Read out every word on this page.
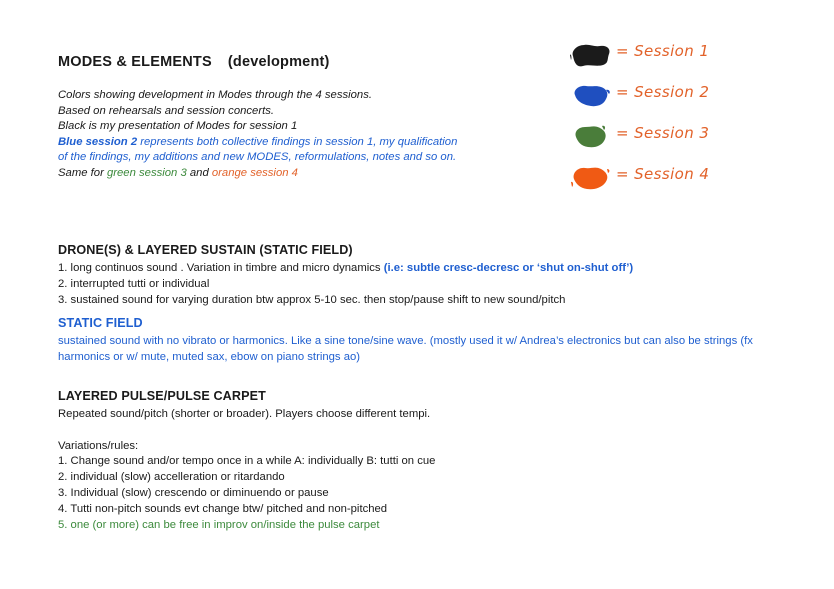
MODES & ELEMENTS (development)
Colors showing development in Modes through the 4 sessions.
Based on rehearsals and session concerts.
Black is my presentation of Modes for session 1
Blue session 2 represents both collective findings in session 1, my qualification
of the findings, my additions and new MODES, reformulations, notes and so on.
Same for green session 3 and orange session 4
= Session 1
= Session 2
= Session 3
= Session 4
DRONE(S) & LAYERED SUSTAIN (STATIC FIELD)
1. long continuos sound . Variation in timbre and micro dynamics (i.e: subtle cresc-decresc or ‘shut on-shut off’)
2. interrupted tutti or individual
3. sustained sound for varying duration btw approx 5-10 sec. then stop/pause shift to new sound/pitch
STATIC FIELD

sustained sound with no vibrato or harmonics. Like a sine tone/sine wave. (mostly used it w/ Andrea’s electronics but can also be strings (fx harmonics or w/ mute, muted sax, ebow on piano strings ao)

LAYERED PULSE/PULSE CARPET
Repeated sound/pitch (shorter or broader). Players choose different tempi.

Variations/rules:
1. Change sound and/or tempo once in a while A: individually B: tutti on cue
2. individual (slow) accelleration or ritardando
3. Individual (slow) crescendo or diminuendo or pause
4. Tutti non-pitch sounds evt change btw/ pitched and non-pitched
5. one (or more) can be free in improv on/inside the pulse carpet
